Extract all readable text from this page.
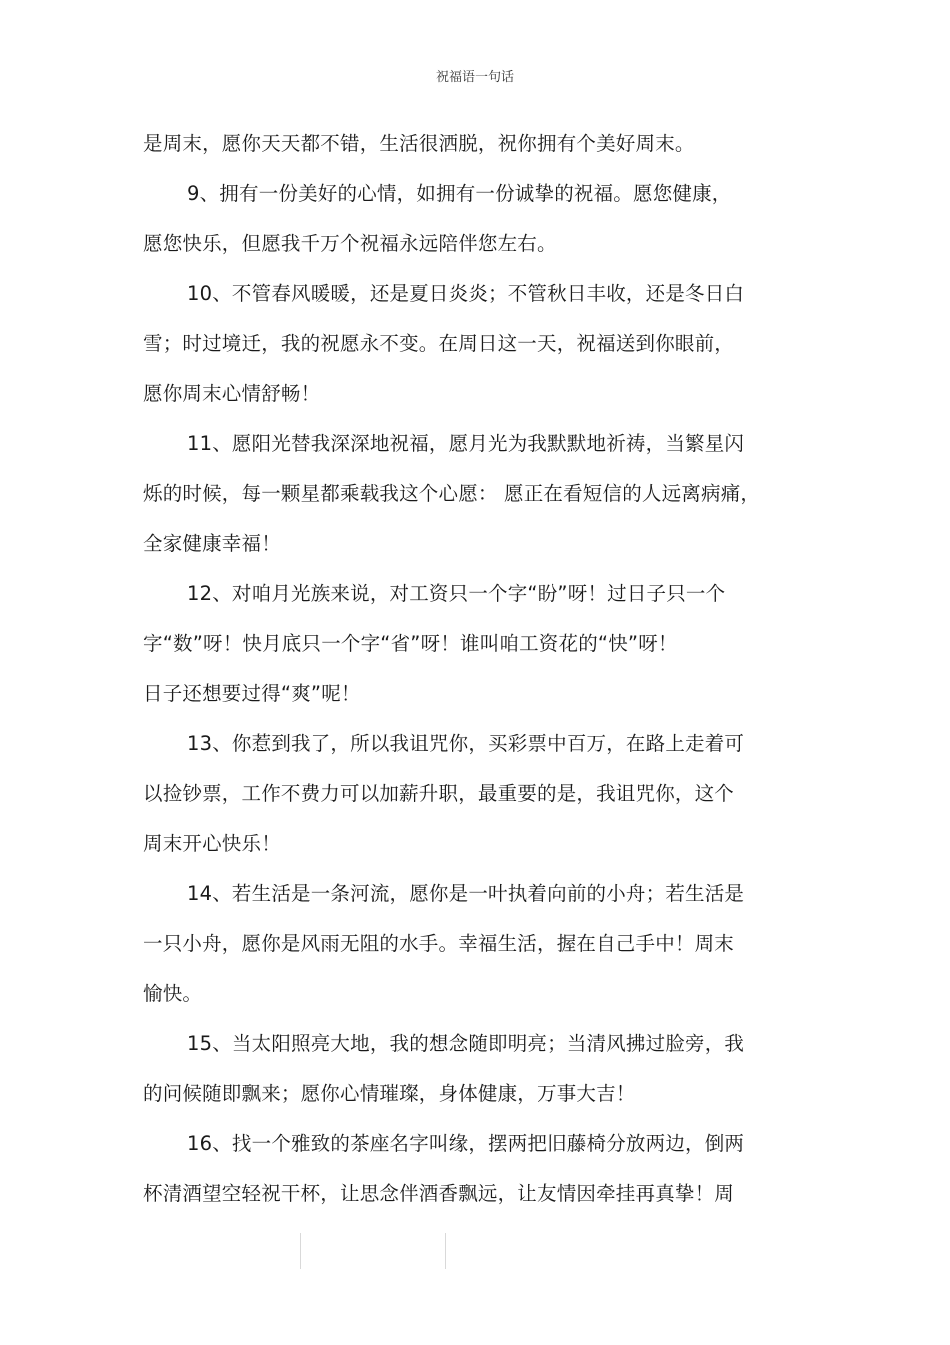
祝福语一句话
是周末，愿你天天都不错，生活很洒脱，祝你拥有个美好周末。
9、拥有一份美好的心情，如拥有一份诚挚的祝福。愿您健康，
愿您快乐，但愿我千万个祝福永远陪伴您左右。
10、不管春风暖暖，还是夏日炎炎；不管秋日丰收，还是冬日白
雪；时过境迁，我的祝愿永不变。在周日这一天，祝福送到你眼前，
愿你周末心情舒畅！
11、愿阳光替我深深地祝福，愿月光为我默默地祈祷，当繁星闪
烁的时候，每一颗星都乘载我这个心愿： 愿正在看短信的人远离病痛，
全家健康幸福！
12、对咱月光族来说，对工资只一个字“盼”呀！过日子只一个
字“数”呀！快月底只一个字“省”呀！谁叫咱工资花的“快”呀！
日子还想要过得“爽”呢！
13、你惹到我了，所以我诅咒你，买彩票中百万，在路上走着可
以捡钞票，工作不费力可以加薪升职，最重要的是，我诅咒你，这个
周末开心快乐！
14、若生活是一条河流，愿你是一叶执着向前的小舟；若生活是
一只小舟，愿你是风雨无阻的水手。幸福生活，握在自己手中！周末
愉快。
15、当太阳照亮大地，我的想念随即明亮；当清风拂过脸旁，我
的问候随即飘来；愿你心情璀璨，身体健康，万事大吉！
16、找一个雅致的茶座名字叫缘，摆两把旧藤椅分放两边，倒两
杯清酒望空轻祝干杯，让思念伴酒香飘远，让友情因牵挂再真挚！周
